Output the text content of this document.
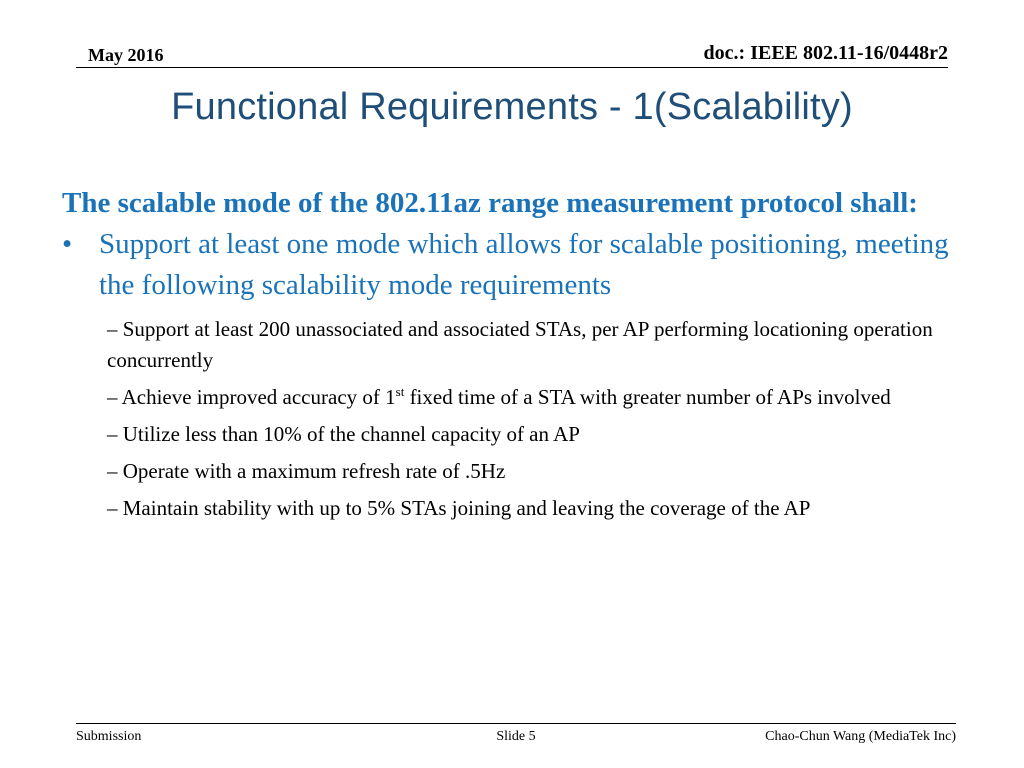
May 2016	doc.: IEEE 802.11-16/0448r2
Functional Requirements - 1(Scalability)

The scalable mode of the 802.11az range measurement protocol shall:

• Support at least one mode which allows for scalable positioning, meeting the following scalability mode requirements
– Support at least 200 unassociated and associated STAs, per AP performing locationing operation concurrently
– Achieve improved accuracy of 1st fixed time of a STA with greater number of APs involved
– Utilize less than 10% of the channel capacity of an AP
– Operate with a maximum refresh rate of .5Hz
– Maintain stability with up to 5% STAs joining and leaving the coverage of the AP
Submission	Slide 5	Chao-Chun Wang (MediaTek Inc)
